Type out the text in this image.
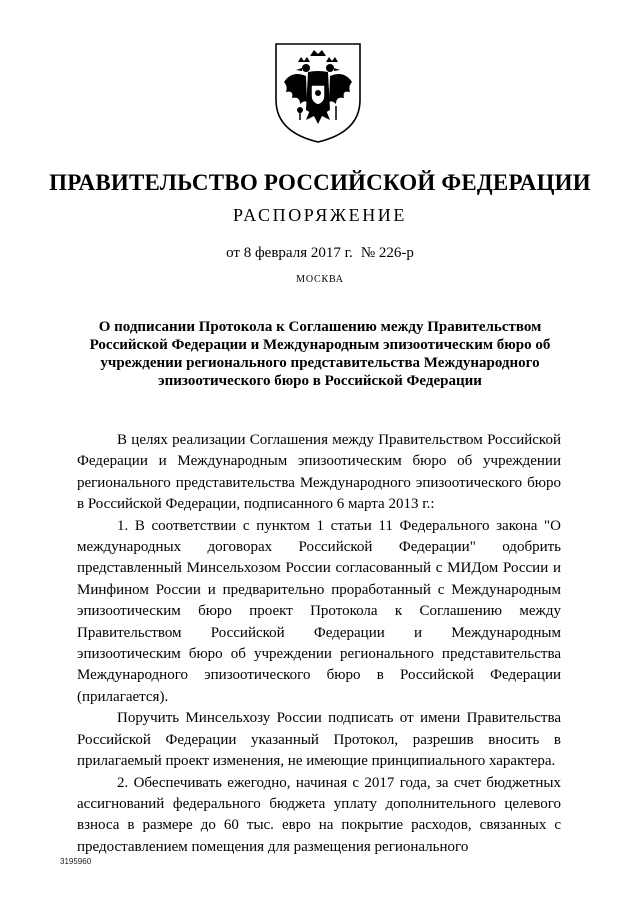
ПРАВИТЕЛЬСТВО РОССИЙСКОЙ ФЕДЕРАЦИИ
РАСПОРЯЖЕНИЕ
от 8 февраля 2017 г. № 226-р
МОСКВА
О подписании Протокола к Соглашению между Правительством Российской Федерации и Международным эпизоотическим бюро об учреждении регионального представительства Международного эпизоотического бюро в Российской Федерации

В целях реализации Соглашения между Правительством Российской Федерации и Международным эпизоотическим бюро об учреждении регионального представительства Международного эпизоотического бюро в Российской Федерации, подписанного 6 марта 2013 г.:

1. В соответствии с пунктом 1 статьи 11 Федерального закона "О международных договорах Российской Федерации" одобрить представленный Минсельхозом России согласованный с МИДом России и Минфином России и предварительно проработанный с Международным эпизоотическим бюро проект Протокола к Соглашению между Правительством Российской Федерации и Международным эпизоотическим бюро об учреждении регионального представительства Международного эпизоотического бюро в Российской Федерации (прилагается).

Поручить Минсельхозу России подписать от имени Правительства Российской Федерации указанный Протокол, разрешив вносить в прилагаемый проект изменения, не имеющие принципиального характера.

2. Обеспечивать ежегодно, начиная с 2017 года, за счет бюджетных ассигнований федерального бюджета уплату дополнительного целевого взноса в размере до 60 тыс. евро на покрытие расходов, связанных с предоставлением помещения для размещения регионального

3195960
